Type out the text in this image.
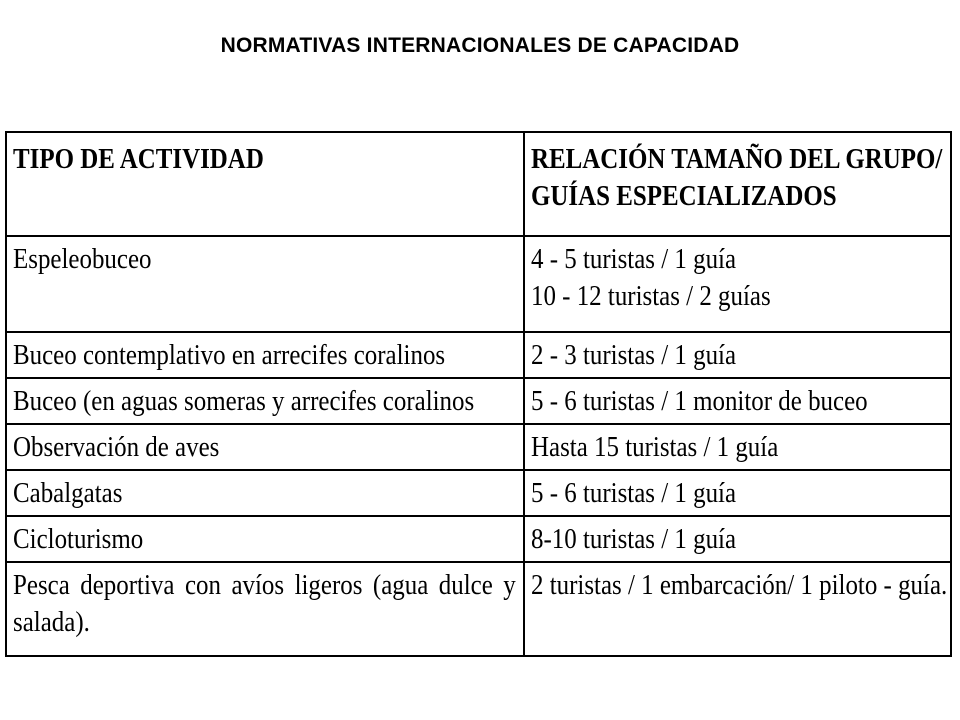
NORMATIVAS INTERNACIONALES DE CAPACIDAD
TIPO DE ACTIVIDAD	RELACIÓN TAMAÑO DEL GRUPO/
GUÍAS ESPECIALIZADOS

Espeleobuceo	4 - 5 turistas / 1 guía
10 - 12 turistas / 2 guías

Buceo contemplativo en arrecifes coralinos	2 - 3 turistas / 1 guía

Buceo (en aguas someras y arrecifes coralinos	5 - 6 turistas / 1 monitor de buceo

Observación de aves	Hasta 15 turistas / 1 guía

Cabalgatas	5 - 6 turistas / 1 guía

Cicloturismo	8-10 turistas / 1 guía

Pesca deportiva con avíos ligeros (agua dulce y salada).	2 turistas / 1 embarcación/ 1 piloto - guía.
